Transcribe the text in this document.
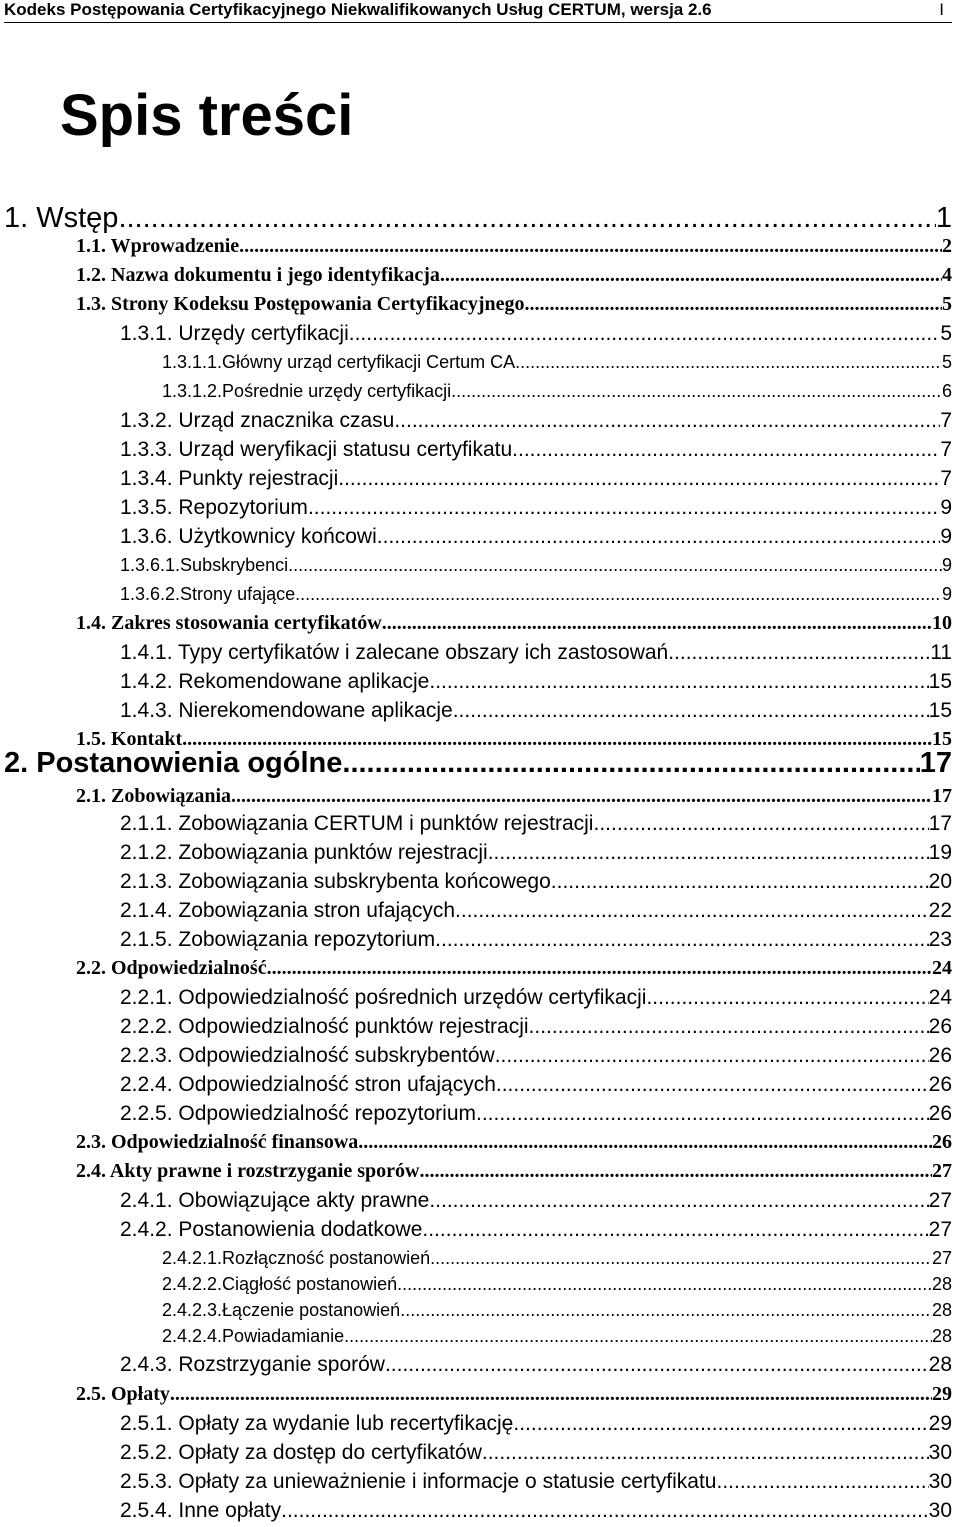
Kodeks Postępowania Certyfikacyjnego Niekwalifikowanych Usług CERTUM, wersja 2.6	I
Spis treści
1. Wstęp .....	1
1.1. Wprowadzenie .....	2
1.2. Nazwa dokumentu i jego identyfikacja .....	4
1.3. Strony Kodeksu Postępowania Certyfikacyjnego .....	5
1.3.1. Urzędy certyfikacji .....	5
1.3.1.1.Główny urząd certyfikacji Certum CA .....	5
1.3.1.2.Pośrednie urzędy certyfikacji .....	6
1.3.2. Urząd znacznika czasu .....	7
1.3.3. Urząd weryfikacji statusu certyfikatu .....	7
1.3.4. Punkty rejestracji .....	7
1.3.5. Repozytorium .....	9
1.3.6. Użytkownicy końcowi .....	9
1.3.6.1.Subskrybenci .....	9
1.3.6.2.Strony ufające .....	9
1.4. Zakres stosowania certyfikatów .....	10
1.4.1. Typy certyfikatów i zalecane obszary ich zastosowań .....	11
1.4.2. Rekomendowane aplikacje .....	15
1.4.3. Nierekomendowane aplikacje .....	15
1.5. Kontakt .....	15
2. Postanowienia ogólne .....	17
2.1. Zobowiązania .....	17
2.1.1. Zobowiązania CERTUM i punktów rejestracji .....	17
2.1.2. Zobowiązania punktów rejestracji .....	19
2.1.3. Zobowiązania subskrybenta końcowego .....	20
2.1.4. Zobowiązania stron ufających .....	22
2.1.5. Zobowiązania repozytorium .....	23
2.2. Odpowiedzialność .....	24
2.2.1. Odpowiedzialność pośrednich urzędów certyfikacji .....	24
2.2.2. Odpowiedzialność punktów rejestracji .....	26
2.2.3. Odpowiedzialność subskrybentów .....	26
2.2.4. Odpowiedzialność stron ufających .....	26
2.2.5. Odpowiedzialność repozytorium .....	26
2.3. Odpowiedzialność finansowa .....	26
2.4. Akty prawne i rozstrzyganie sporów .....	27
2.4.1. Obowiązujące akty prawne .....	27
2.4.2. Postanowienia dodatkowe .....	27
2.4.2.1.Rozłączność postanowień .....	27
2.4.2.2.Ciągłość postanowień .....	28
2.4.2.3.Łączenie postanowień .....	28
2.4.2.4.Powiadamianie .....	28
2.4.3. Rozstrzyganie sporów .....	28
2.5. Opłaty .....	29
2.5.1. Opłaty za wydanie lub recertyfikację .....	29
2.5.2. Opłaty za dostęp do certyfikatów .....	30
2.5.3. Opłaty za unieważnienie i informacje o statusie certyfikatu .....	30
2.5.4. Inne opłaty .....	30
